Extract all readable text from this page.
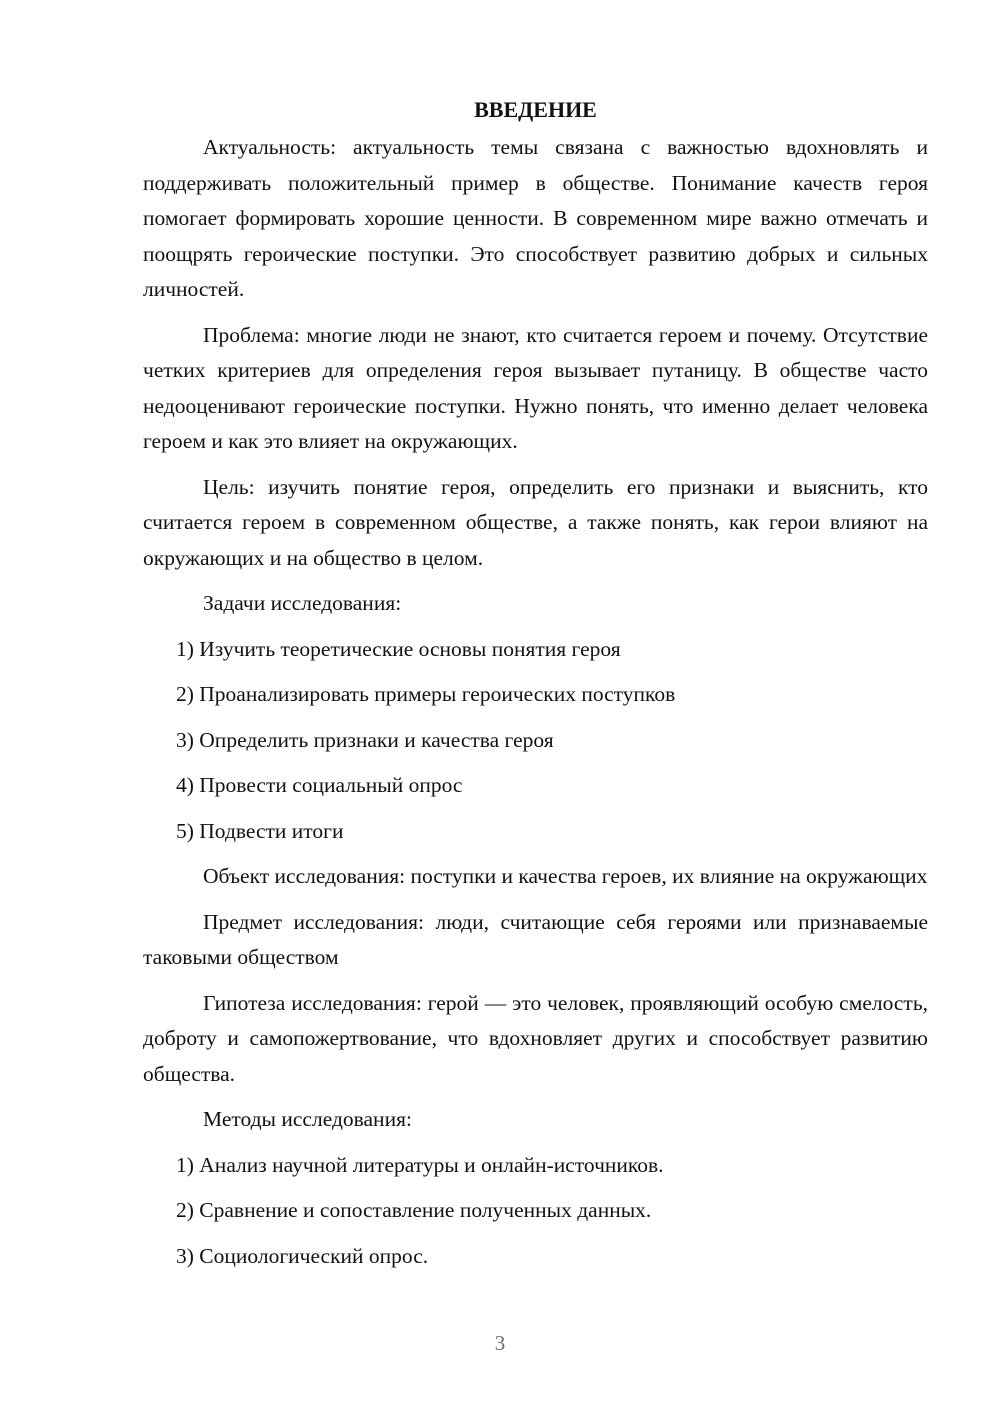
ВВЕДЕНИЕ

Актуальность: актуальность темы связана с важностью вдохновлять и поддерживать положительный пример в обществе. Понимание качеств героя помогает формировать хорошие ценности. В современном мире важно отмечать и поощрять героические поступки. Это способствует развитию добрых и сильных личностей.

Проблема: многие люди не знают, кто считается героем и почему. Отсутствие четких критериев для определения героя вызывает путаницу. В обществе часто недооценивают героические поступки. Нужно понять, что именно делает человека героем и как это влияет на окружающих.

Цель: изучить понятие героя, определить его признаки и выяснить, кто считается героем в современном обществе, а также понять, как герои влияют на окружающих и на общество в целом.

Задачи исследования:
1) Изучить теоретические основы понятия героя
2) Проанализировать примеры героических поступков
3) Определить признаки и качества героя
4) Провести социальный опрос
5) Подвести итоги

Объект исследования: поступки и качества героев, их влияние на окружающих

Предмет исследования: люди, считающие себя героями или признаваемые таковыми обществом

Гипотеза исследования: герой — это человек, проявляющий особую смелость, доброту и самопожертвование, что вдохновляет других и способствует развитию общества.

Методы исследования:
1) Анализ научной литературы и онлайн-источников.
2) Сравнение и сопоставление полученных данных.
3) Социологический опрос.
3
